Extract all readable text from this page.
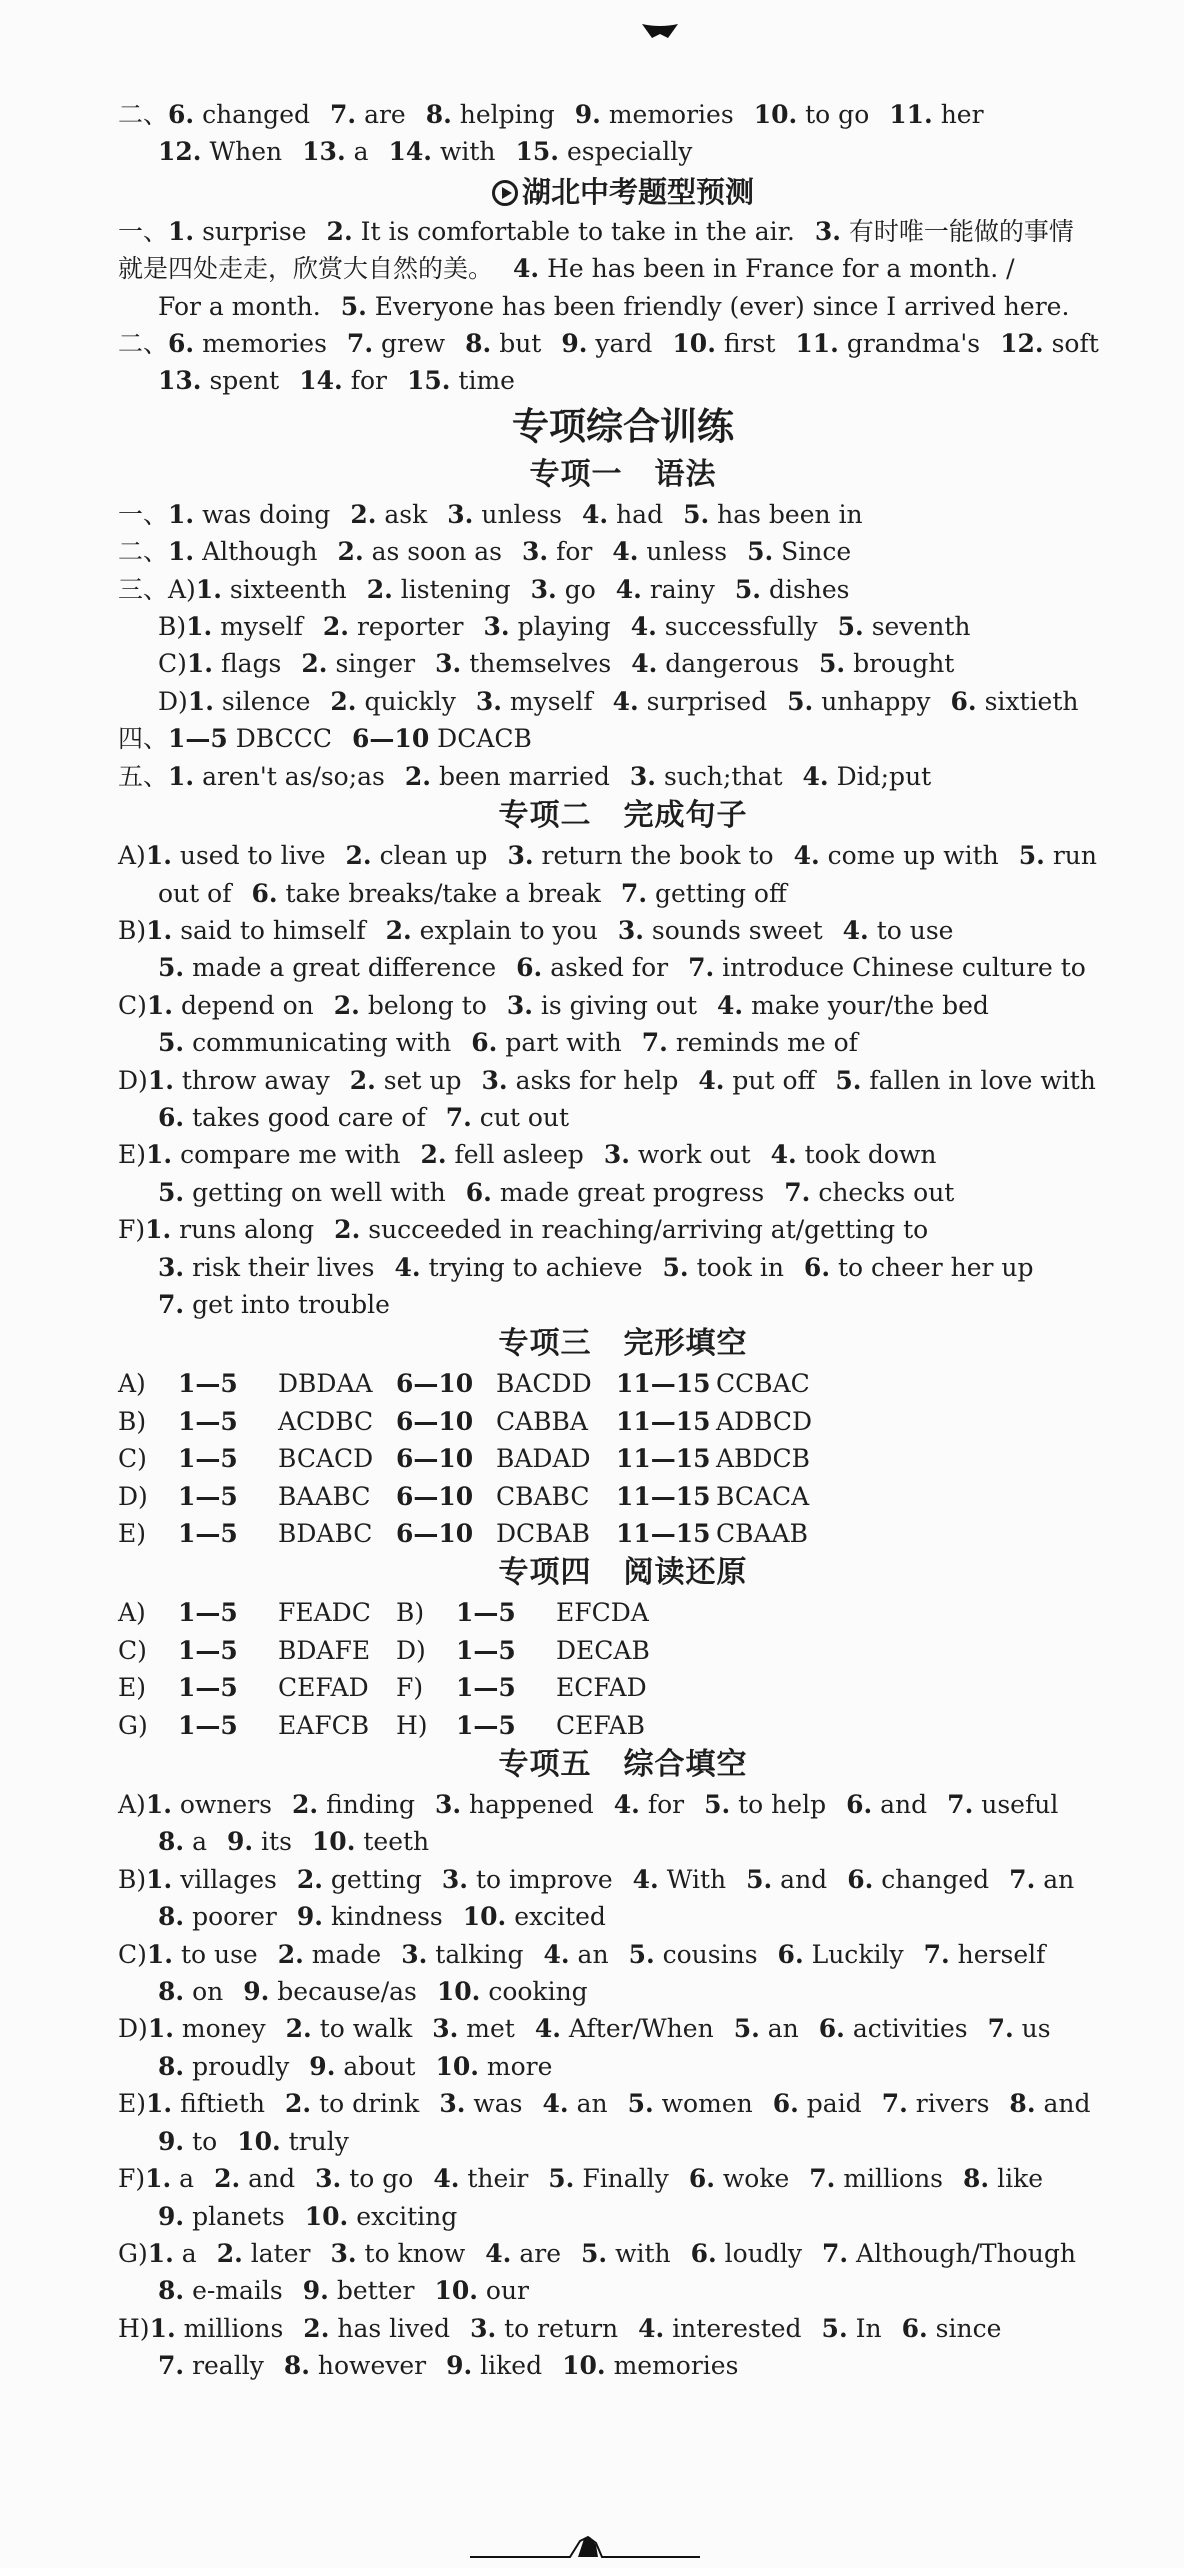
二、6. changed 7. are 8. helping 9. memories 10. to go 11. her
12. When 13. a 14. with 15. especially
湖北中考题型预测
一、1. surprise 2. It is comfortable to take in the air. 3. 有时唯一能做的事情
就是四处走走，欣赏大自然的美。 4. He has been in France for a month. /
For a month. 5. Everyone has been friendly (ever) since I arrived here.
二、6. memories 7. grew 8. but 9. yard 10. first 11. grandma's 12. soft
13. spent 14. for 15. time
专项综合训练
专项一 语法
一、1. was doing 2. ask 3. unless 4. had 5. has been in
二、1. Although 2. as soon as 3. for 4. unless 5. Since
三、A)1. sixteenth 2. listening 3. go 4. rainy 5. dishes
B)1. myself 2. reporter 3. playing 4. successfully 5. seventh
C)1. flags 2. singer 3. themselves 4. dangerous 5. brought
D)1. silence 2. quickly 3. myself 4. surprised 5. unhappy 6. sixtieth
四、1—5 DBCCC 6—10 DCACB
五、1. aren't as/so;as 2. been married 3. such;that 4. Did;put
专项二 完成句子
A)1. used to live 2. clean up 3. return the book to 4. come up with 5. run
out of 6. take breaks/take a break 7. getting off
B)1. said to himself 2. explain to you 3. sounds sweet 4. to use
5. made a great difference 6. asked for 7. introduce Chinese culture to
C)1. depend on 2. belong to 3. is giving out 4. make your/the bed
5. communicating with 6. part with 7. reminds me of
D)1. throw away 2. set up 3. asks for help 4. put off 5. fallen in love with
6. takes good care of 7. cut out
E)1. compare me with 2. fell asleep 3. work out 4. took down
5. getting on well with 6. made great progress 7. checks out
F)1. runs along 2. succeeded in reaching/arriving at/getting to
3. risk their lives 4. trying to achieve 5. took in 6. to cheer her up
7. get into trouble
专项三 完形填空
A) 1—5 DBDAA 6—10 BACDD 11—15 CCBAC
B) 1—5 ACDBC 6—10 CABBA 11—15 ADBCD
C) 1—5 BCACD 6—10 BADAD 11—15 ABDCB
D) 1—5 BAABC 6—10 CBABC 11—15 BCACA
E) 1—5 BDABC 6—10 DCBAB 11—15 CBAAB
专项四 阅读还原
A) 1—5 FEADC B) 1—5 EFCDA
C) 1—5 BDAFE D) 1—5 DECAB
E) 1—5 CEFAD F) 1—5 ECFAD
G) 1—5 EAFCB H) 1—5 CEFAB
专项五 综合填空
A)1. owners 2. finding 3. happened 4. for 5. to help 6. and 7. useful
8. a 9. its 10. teeth
B)1. villages 2. getting 3. to improve 4. With 5. and 6. changed 7. an
8. poorer 9. kindness 10. excited
C)1. to use 2. made 3. talking 4. an 5. cousins 6. Luckily 7. herself
8. on 9. because/as 10. cooking
D)1. money 2. to walk 3. met 4. After/When 5. an 6. activities 7. us
8. proudly 9. about 10. more
E)1. fiftieth 2. to drink 3. was 4. an 5. women 6. paid 7. rivers 8. and
9. to 10. truly
F)1. a 2. and 3. to go 4. their 5. Finally 6. woke 7. millions 8. like
9. planets 10. exciting
G)1. a 2. later 3. to know 4. are 5. with 6. loudly 7. Although/Though
8. e-mails 9. better 10. our
H)1. millions 2. has lived 3. to return 4. interested 5. In 6. since
7. really 8. however 9. liked 10. memories
